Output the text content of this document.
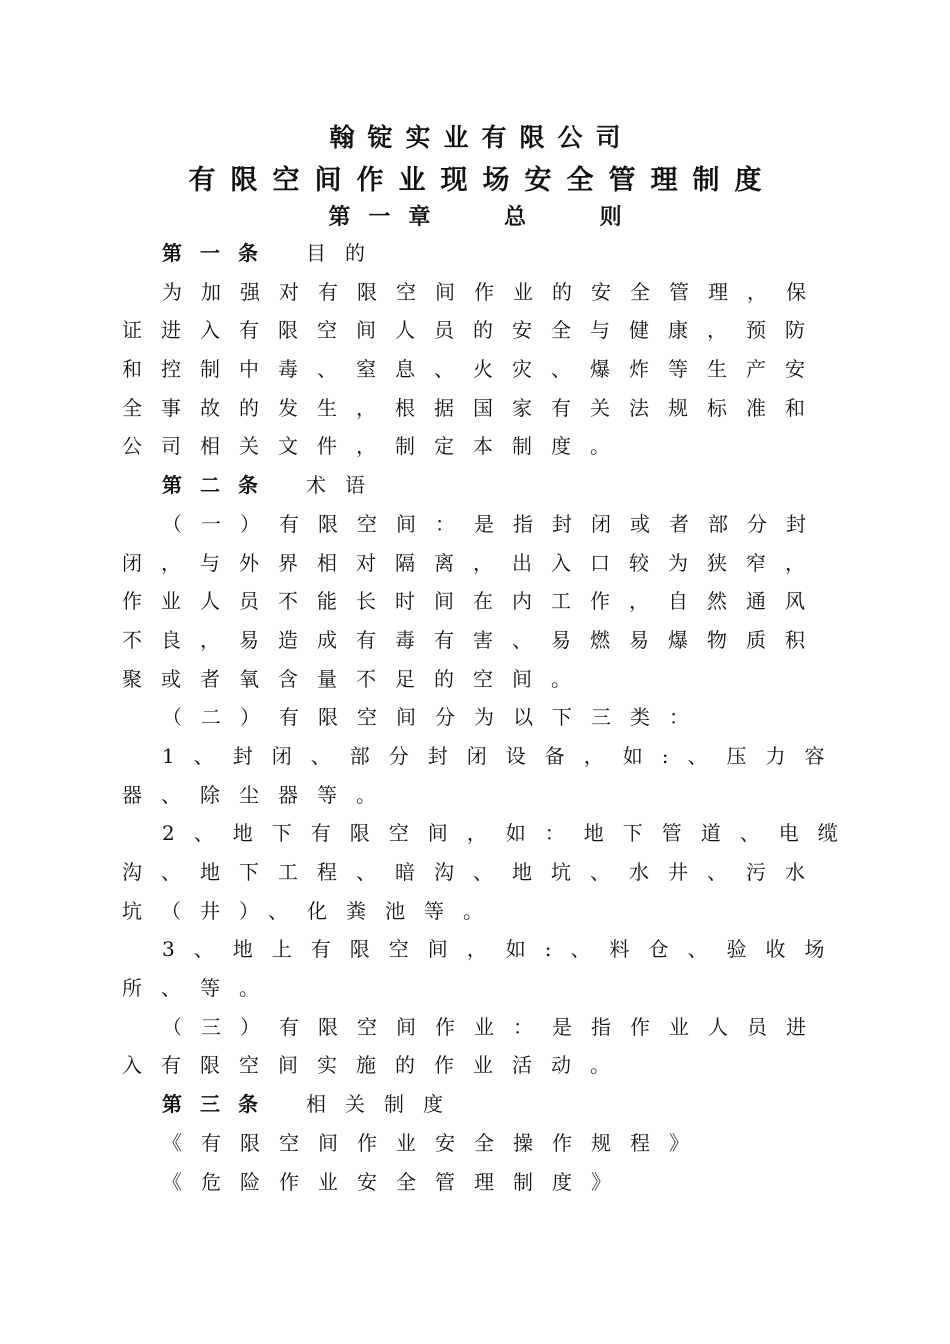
翰锭实业有限公司
有限空间作业现场安全管理制度
第一章 总 则
第一条 目的
为加强对有限空间作业的安全管理，保
证进入有限空间人员的安全与健康，预防
和控制中毒、窒息、火灾、爆炸等生产安
全事故的发生，根据国家有关法规标准和
公司相关文件，制定本制度。
第二条 术语
（一）有限空间：是指封闭或者部分封
闭，与外界相对隔离，出入口较为狭窄，
作业人员不能长时间在内工作，自然通风
不良，易造成有毒有害、易燃易爆物质积
聚或者氧含量不足的空间。
（二）有限空间分为以下三类：
1、封闭、部分封闭设备，如:、压力容
器、除尘器等。
2、地下有限空间，如：地下管道、电缆
沟、地下工程、暗沟、地坑、水井、污水
坑（井）、化粪池等。
3、地上有限空间，如:、料仓、验收场
所、等。
（三）有限空间作业：是指作业人员进
入有限空间实施的作业活动。
第三条 相关制度
《有限空间作业安全操作规程》
《危险作业安全管理制度》
